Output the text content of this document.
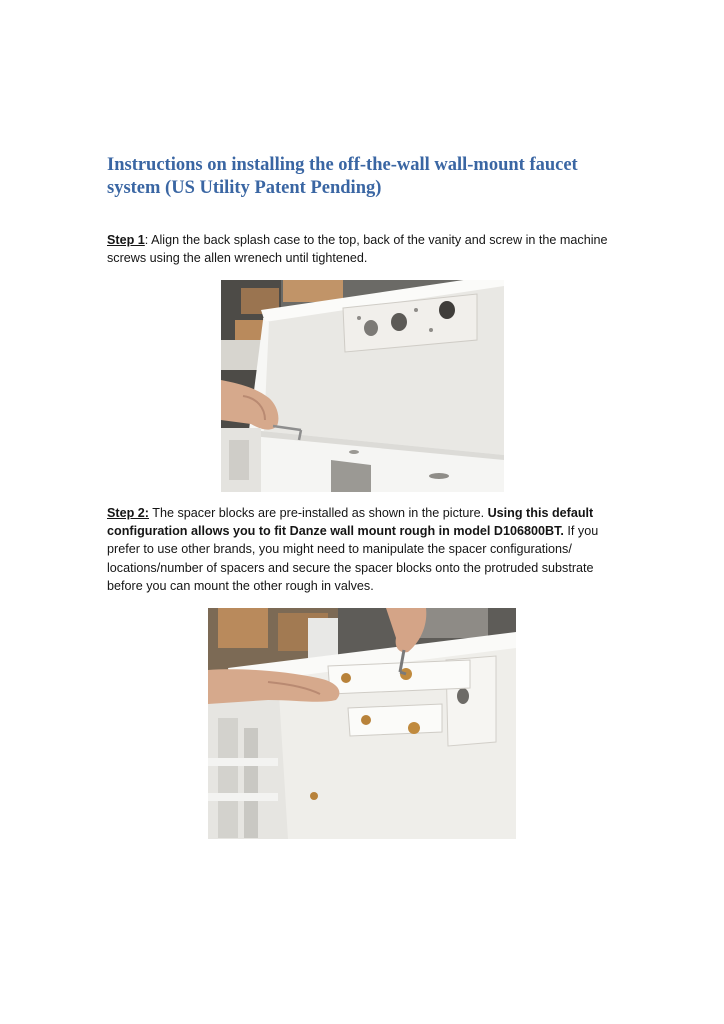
Instructions on installing the off-the-wall wall-mount faucet
system (US Utility Patent Pending)
Step 1: Align the back splash case to the top, back of the vanity and screw in the machine screws using the allen wrenech until tightened.
Step 2: The spacer blocks are pre-installed as shown in the picture. Using this default configuration allows you to fit Danze wall mount rough in model D106800BT. If you prefer to use other brands, you might need to manipulate the spacer configurations/ locations/number of spacers and secure the spacer blocks onto the protruded substrate before you can mount the other rough in valves.
